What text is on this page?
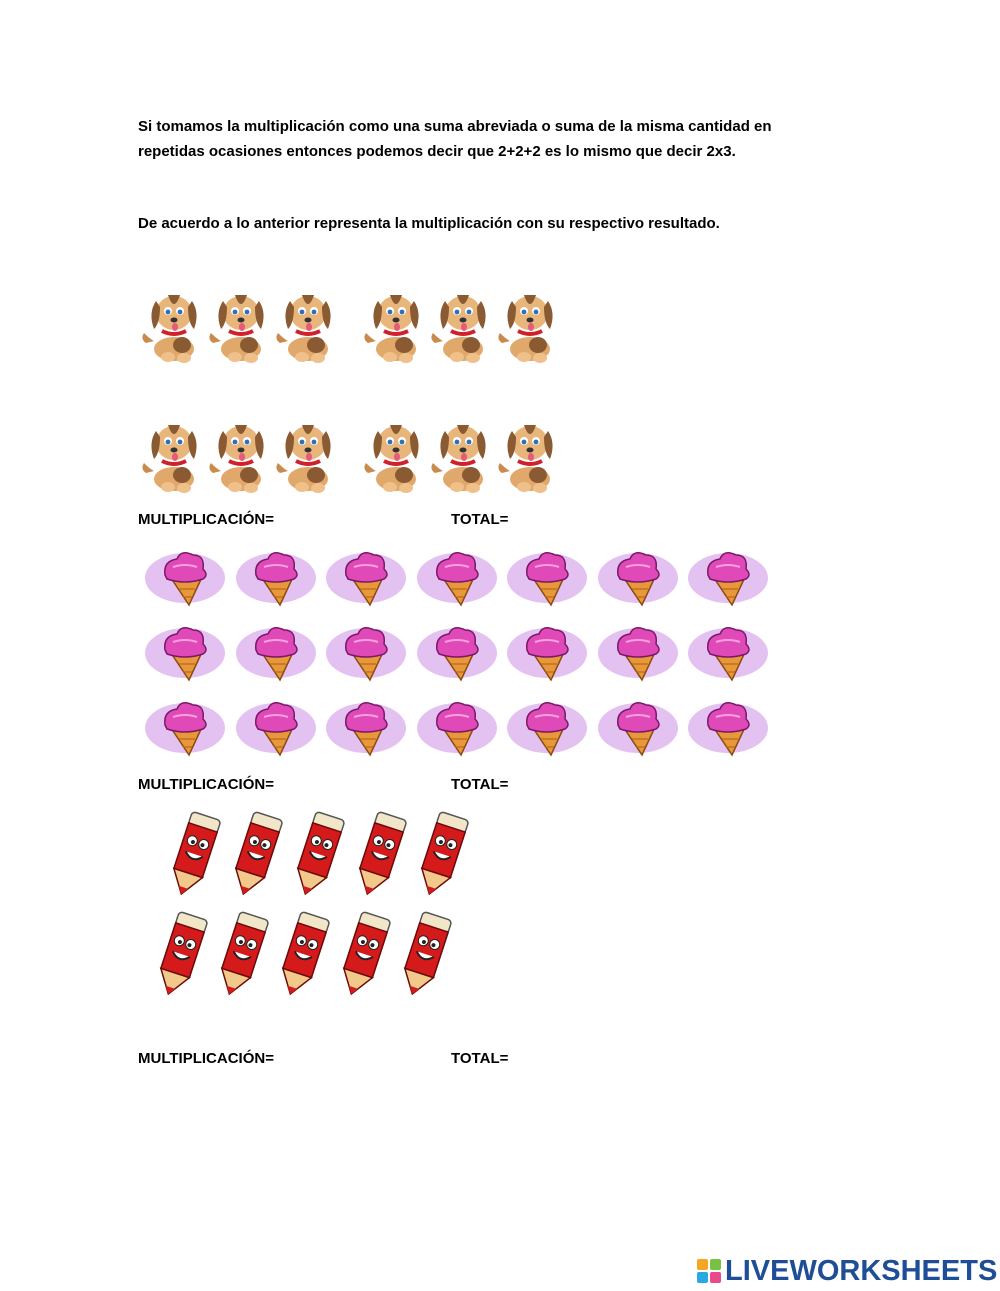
Si tomamos la multiplicación como una suma abreviada o suma de la misma cantidad en repetidas ocasiones entonces podemos decir que 2+2+2 es lo mismo que decir 2x3.

De acuerdo a lo anterior representa la multiplicación con su respectivo resultado.

MULTIPLICACIÓN=	TOTAL=
MULTIPLICACIÓN=	TOTAL=
MULTIPLICACIÓN=	TOTAL=
LIVEWORKSHEETS
